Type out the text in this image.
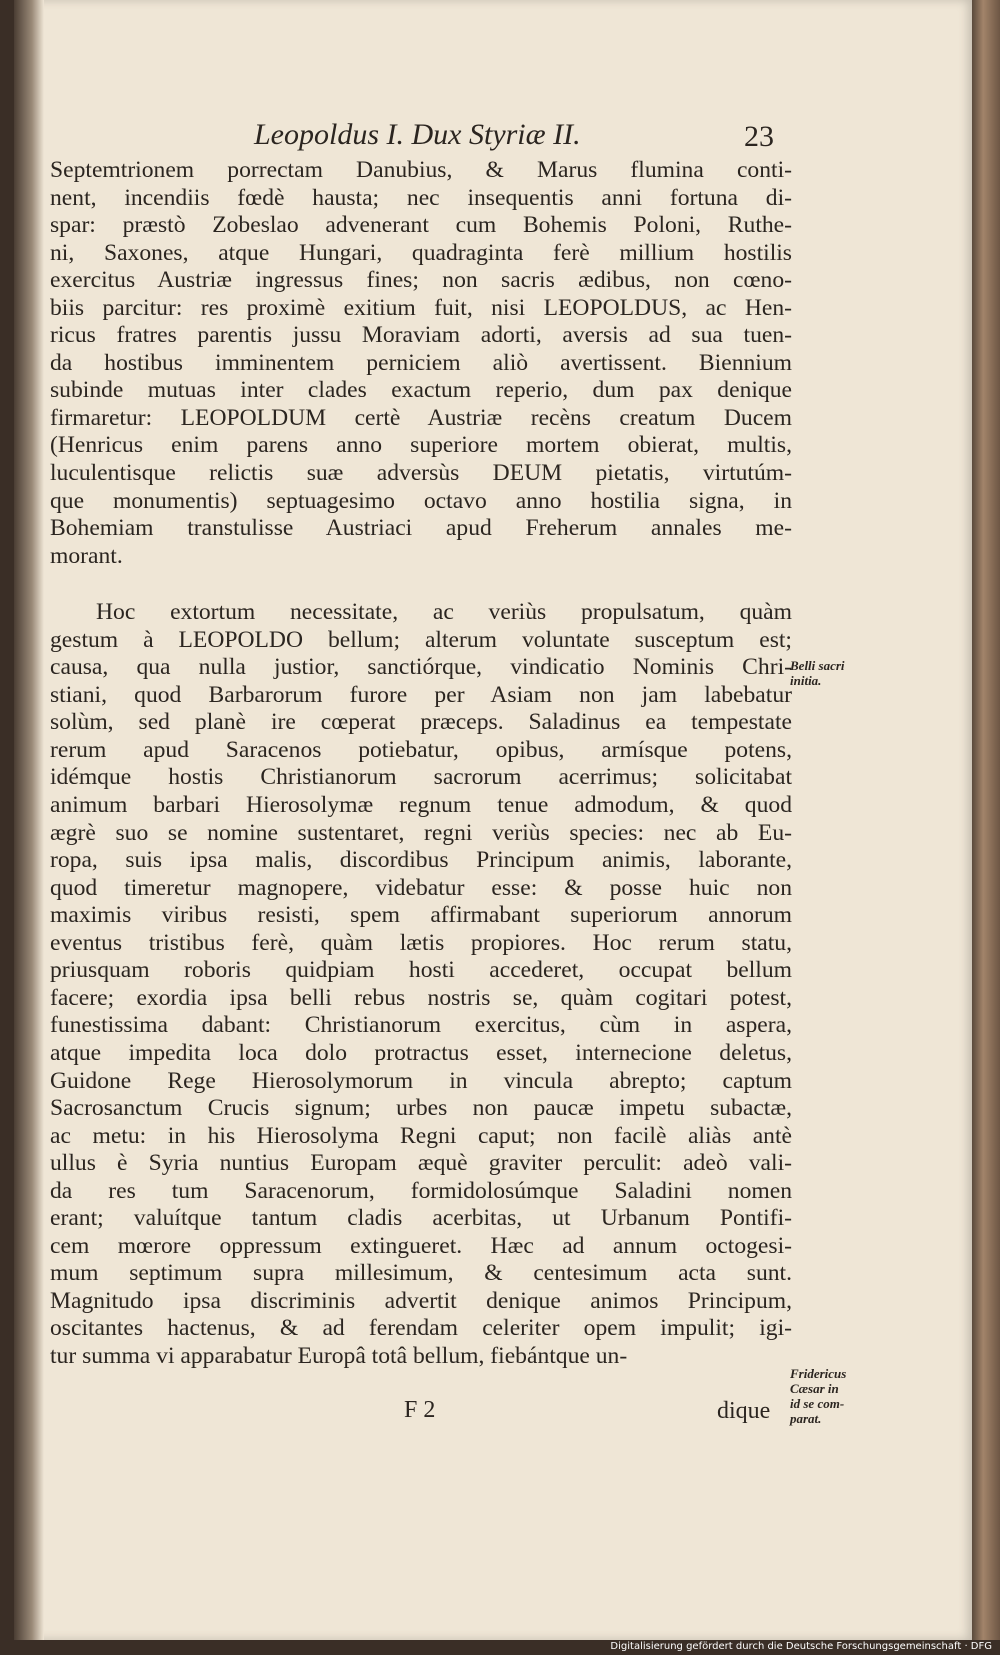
Leopoldus I. Dux Styriæ II.	23
Septemtrionem porrectam Danubius, & Marus flumina conti-
nent, incendiis fœdè hausta; nec insequentis anni fortuna di-
spar: præstò Zobeslao advenerant cum Bohemis Poloni, Ruthe-
ni, Saxones, atque Hungari, quadraginta ferè millium hostilis
exercitus Austriæ ingressus fines; non sacris ædibus, non cœno-
biis parcitur: res proximè exitium fuit, nisi LEOPOLDUS, ac Hen-
ricus fratres parentis jussu Moraviam adorti, aversis ad sua tuen-
da hostibus imminentem perniciem aliò avertissent. Biennium
subinde mutuas inter clades exactum reperio, dum pax denique
firmaretur: LEOPOLDUM certè Austriæ recèns creatum Ducem
(Henricus enim parens anno superiore mortem obierat, multis,
luculentisque relictis suæ adversùs DEUM pietatis, virtutúm-
que monumentis) septuagesimo octavo anno hostilia signa, in
Bohemiam transtulisse Austriaci apud Freherum annales me-
morant.
Hoc extortum necessitate, ac veriùs propulsatum, quàm
gestum à LEOPOLDO bellum; alterum voluntate susceptum est;
causa, qua nulla justior, sanctiórque, vindicatio Nominis Chri-
stiani, quod Barbarorum furore per Asiam non jam labebatur
solùm, sed planè ire cœperat præceps. Saladinus ea tempestate
rerum apud Saracenos potiebatur, opibus, armísque potens,
idémque hostis Christianorum sacrorum acerrimus; solicitabat
animum barbari Hierosolymæ regnum tenue admodum, & quod
ægrè suo se nomine sustentaret, regni veriùs species: nec ab Eu-
ropa, suis ipsa malis, discordibus Principum animis, laborante,
quod timeretur magnopere, videbatur esse: & posse huic non
maximis viribus resisti, spem affirmabant superiorum annorum
eventus tristibus ferè, quàm lætis propiores. Hoc rerum statu,
priusquam roboris quidpiam hosti accederet, occupat bellum
facere; exordia ipsa belli rebus nostris se, quàm cogitari potest,
funestissima dabant: Christianorum exercitus, cùm in aspera,
atque impedita loca dolo protractus esset, internecione deletus,
Guidone Rege Hierosolymorum in vincula abrepto; captum
Sacrosanctum Crucis signum; urbes non paucæ impetu subactæ,
ac metu: in his Hierosolyma Regni caput; non facilè aliàs antè
ullus è Syria nuntius Europam æquè graviter perculit: adeò vali-
da res tum Saracenorum, formidolosúmque Saladini nomen
erant; valuítque tantum cladis acerbitas, ut Urbanum Pontifi-
cem mœrore oppressum extingueret. Hæc ad annum octogesi-
mum septimum supra millesimum, & centesimum acta sunt.
Magnitudo ipsa discriminis advertit denique animos Principum,
oscitantes hactenus, & ad ferendam celeriter opem impulit; igi-
tur summa vi apparabatur Europâ totâ bellum, fiebántque un-
Belli sacri
initia.
Fridericus
Cæsar in
id se com-
parat.
F 2	dique
Digitalisierung gefördert durch die Deutsche Forschungsgemeinschaft · DFG
